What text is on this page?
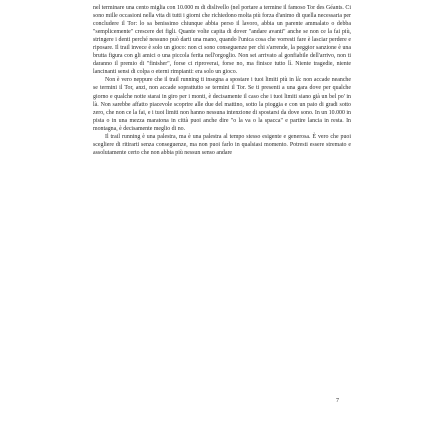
nel terminare una cento miglia con 10.000 m di dislivello (nel portare a termine il famoso Tor des Géants. Ci sono mille occasioni nella vita di tutti i giorni che richiedono molta più forza d'animo di quella necessaria per concludere il Tor: lo sa benissimo chiunque abbia perso il lavoro, abbia un parente ammalato o debba "semplicemente" crescere dei figli. Quante volte capita di dover "andare avanti" anche se non ce la fai più, stringere i denti perché nessuno può darti una mano, quando l'unica cosa che vorresti fare è lasciar perdere e riposare. Il trail invece è solo un gioco: non ci sono conseguenze per chi s'arrende, la peggior sanzione è una brutta figura con gli amici o una piccola ferita nell'orgoglio. Non sei arrivato al gonfiabile dell'arrivo, non ti daranno il premio di "finisher", forse ci riproverai, forse no, ma finisce tutto lì. Niente tragedie, niente lancinanti sensi di colpa o eterni rimpianti: era solo un gioco.

Non è vero neppure che il trail running ti insegna a spostare i tuoi limiti più in là: non accade neanche se termini il Tor, anzi, non accade soprattutto se termini il Tor. Se ti presenti a una gara dove per qualche giorno e qualche notte starai in giro per i monti, è decisamente il caso che i tuoi limiti siano già un bel po' in là. Non sarebbe affatto piacevole scoprire alle due del mattino, sotto la pioggia e con un paio di gradi sotto zero, che non ce la fai, e i tuoi limiti non hanno nessuna intenzione di spostarsi da dove sono. In un 10.000 in pista o in una mezza maratona in città puoi anche dire "o la va o la spacca" e partire lancia in resta. In montagna, è decisamente meglio di no.

Il trail running è una palestra, ma è una palestra al tempo stesso esigente e generosa. È vero che puoi scegliere di ritirarti senza conseguenze, ma non puoi farlo in qualsiasi momento. Potresti essere stremato e assolutamente certo che non abbia più nessun senso andare

7
